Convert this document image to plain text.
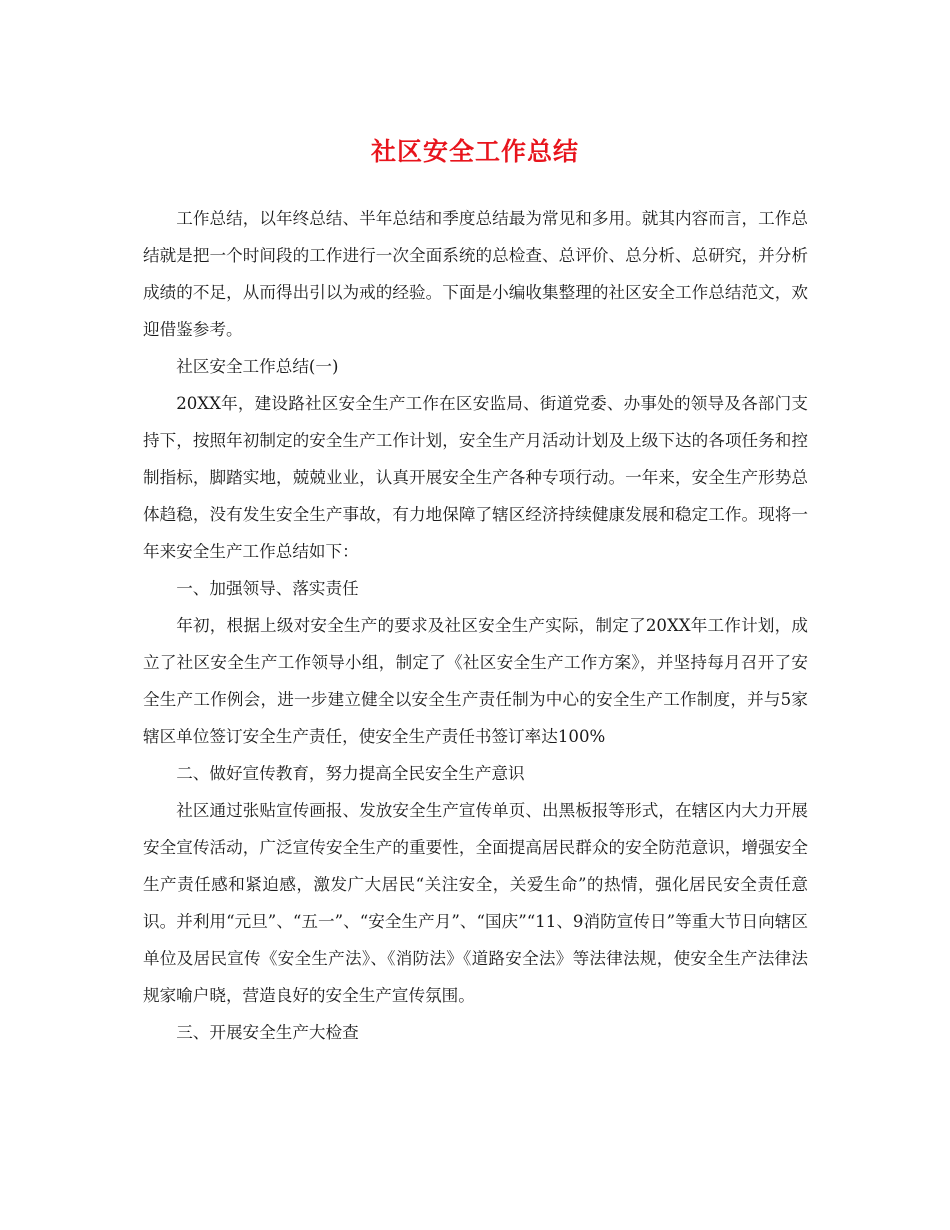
社区安全工作总结

工作总结，以年终总结、半年总结和季度总结最为常见和多用。就其内容而言，工作总结就是把一个时间段的工作进行一次全面系统的总检查、总评价、总分析、总研究，并分析成绩的不足，从而得出引以为戒的经验。下面是小编收集整理的社区安全工作总结范文，欢迎借鉴参考。

社区安全工作总结(一)

20XX年，建设路社区安全生产工作在区安监局、街道党委、办事处的领导及各部门支持下，按照年初制定的安全生产工作计划，安全生产月活动计划及上级下达的各项任务和控制指标，脚踏实地，兢兢业业，认真开展安全生产各种专项行动。一年来，安全生产形势总体趋稳，没有发生安全生产事故，有力地保障了辖区经济持续健康发展和稳定工作。现将一年来安全生产工作总结如下：

一、加强领导、落实责任

年初，根据上级对安全生产的要求及社区安全生产实际，制定了20XX年工作计划，成立了社区安全生产工作领导小组，制定了《社区安全生产工作方案》，并坚持每月召开了安全生产工作例会，进一步建立健全以安全生产责任制为中心的安全生产工作制度，并与5家辖区单位签订安全生产责任，使安全生产责任书签订率达100%

二、做好宣传教育，努力提高全民安全生产意识

社区通过张贴宣传画报、发放安全生产宣传单页、出黑板报等形式，在辖区内大力开展安全宣传活动，广泛宣传安全生产的重要性，全面提高居民群众的安全防范意识，增强安全生产责任感和紧迫感，激发广大居民“关注安全，关爱生命”的热情，强化居民安全责任意识。并利用“元旦”、“五一”、“安全生产月”、“国庆”“11、9消防宣传日”等重大节日向辖区单位及居民宣传《安全生产法》、《消防法》《道路安全法》等法律法规，使安全生产法律法规家喻户晓，营造良好的安全生产宣传氛围。

三、开展安全生产大检查
